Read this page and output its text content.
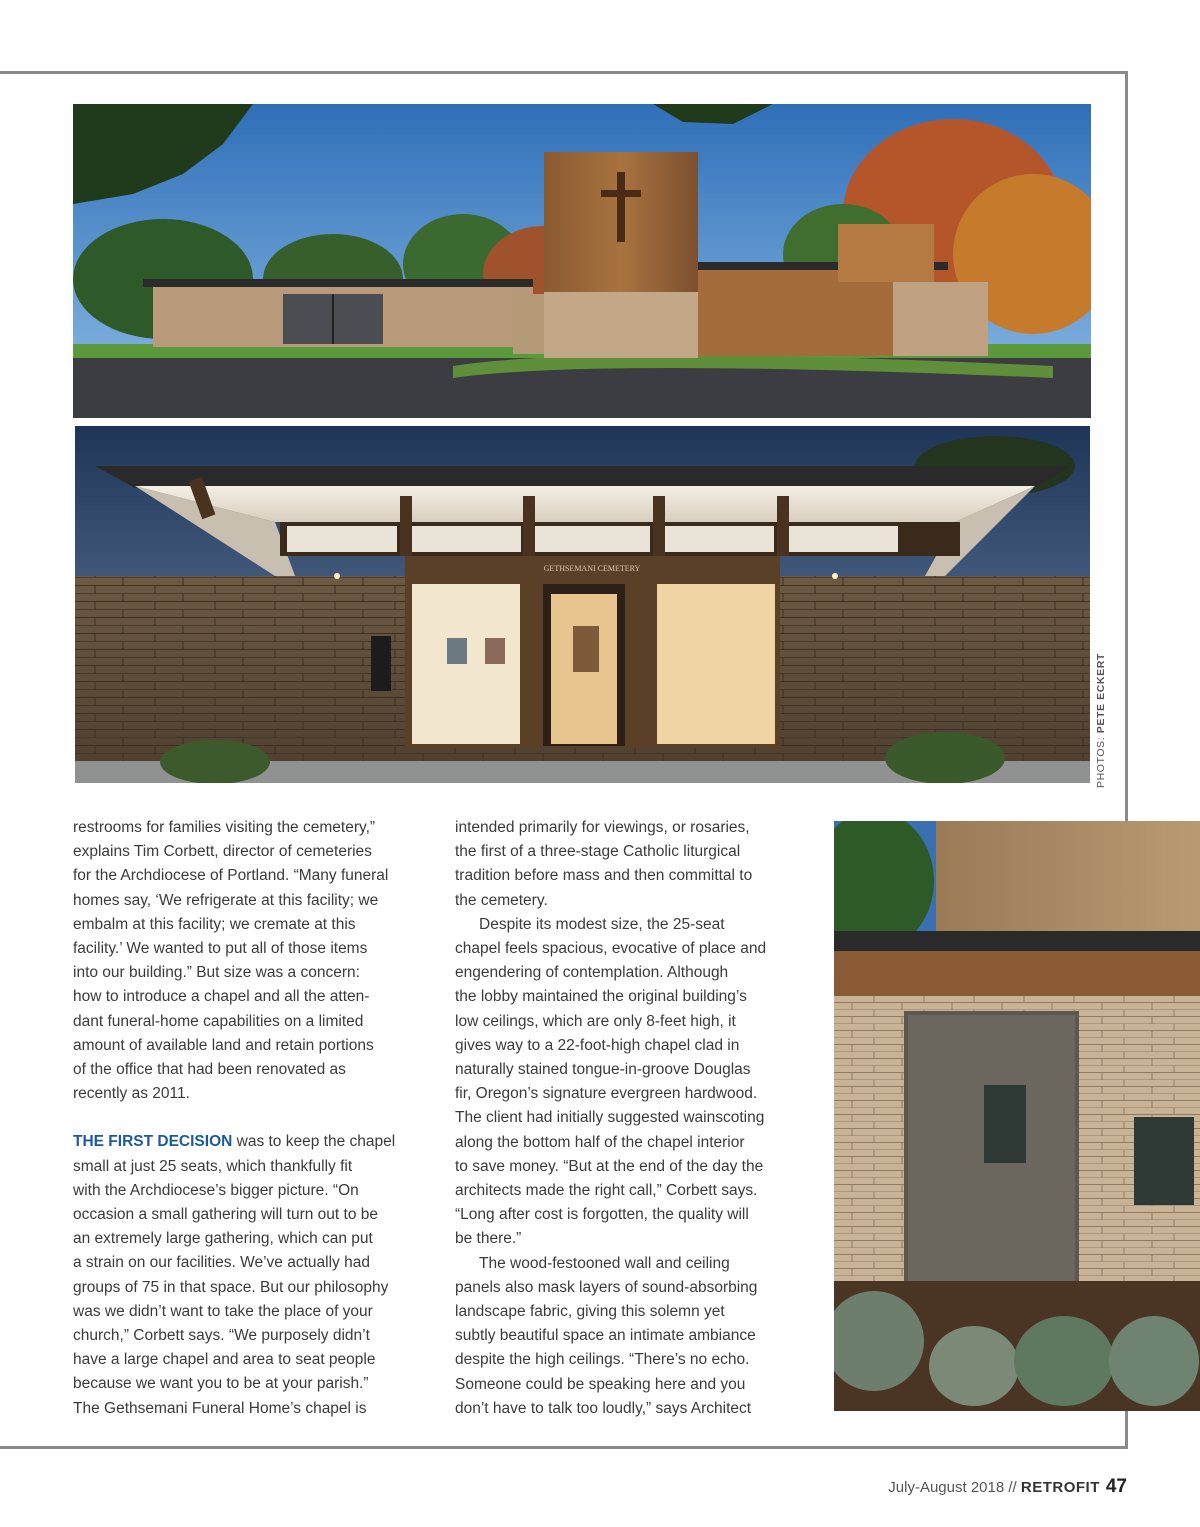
GETHSEMANI CEMETERY
PHOTOS: PETE ECKERT

restrooms for families visiting the cemetery,”
explains Tim Corbett, director of cemeteries
for the Archdiocese of Portland. “Many funeral
homes say, ‘We refrigerate at this facility; we
embalm at this facility; we cremate at this
facility.’ We wanted to put all of those items
into our building.” But size was a concern:
how to introduce a chapel and all the atten-
dant funeral-home capabilities on a limited
amount of available land and retain portions
of the office that had been renovated as
recently as 2011.

THE FIRST DECISION was to keep the chapel
small at just 25 seats, which thankfully fit
with the Archdiocese’s bigger picture. “On
occasion a small gathering will turn out to be
an extremely large gathering, which can put
a strain on our facilities. We’ve actually had
groups of 75 in that space. But our philosophy
was we didn’t want to take the place of your
church,” Corbett says. “We purposely didn’t
have a large chapel and area to seat people
because we want you to be at your parish.”
The Gethsemani Funeral Home’s chapel is

intended primarily for viewings, or rosaries,
the first of a three-stage Catholic liturgical
tradition before mass and then committal to
the cemetery.

Despite its modest size, the 25-seat
chapel feels spacious, evocative of place and
engendering of contemplation. Although
the lobby maintained the original building’s
low ceilings, which are only 8-feet high, it
gives way to a 22-foot-high chapel clad in
naturally stained tongue-in-groove Douglas
fir, Oregon’s signature evergreen hardwood.
The client had initially suggested wainscoting
along the bottom half of the chapel interior
to save money. “But at the end of the day the
architects made the right call,” Corbett says.
“Long after cost is forgotten, the quality will
be there.”

The wood-festooned wall and ceiling
panels also mask layers of sound-absorbing
landscape fabric, giving this solemn yet
subtly beautiful space an intimate ambiance
despite the high ceilings. “There’s no echo.
Someone could be speaking here and you
don’t have to talk too loudly,” says Architect

July-August 2018 // RETROFIT 47
